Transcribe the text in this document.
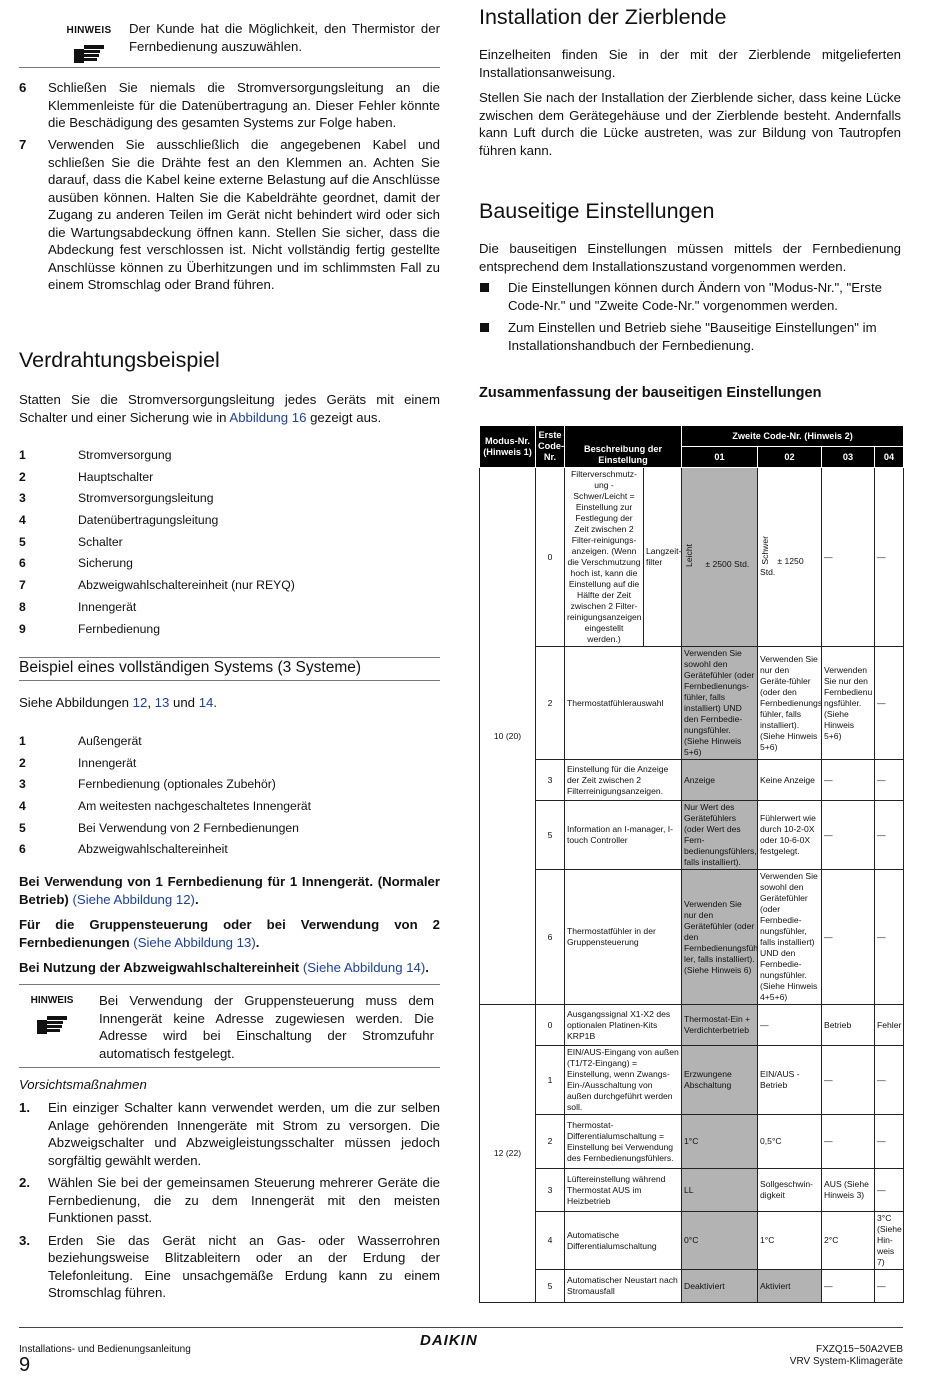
HINWEIS	Der Kunde hat die Möglichkeit, den Thermistor der Fernbedienung auszuwählen.
6 Schließen Sie niemals die Stromversorgungsleitung an die Klemmenleiste für die Datenübertragung an. Dieser Fehler könnte die Beschädigung des gesamten Systems zur Folge haben.
7 Verwenden Sie ausschließlich die angegebenen Kabel und schließen Sie die Drähte fest an den Klemmen an. Achten Sie darauf, dass die Kabel keine externe Belastung auf die Anschlüsse ausüben können. Halten Sie die Kabeldrähte geordnet, damit der Zugang zu anderen Teilen im Gerät nicht behindert wird oder sich die Wartungsabdeckung öffnen kann. Stellen Sie sicher, dass die Abdeckung fest verschlossen ist. Nicht vollständig fertig gestellte Anschlüsse können zu Überhitzungen und im schlimmsten Fall zu einem Stromschlag oder Brand führen.
Verdrahtungsbeispiel

Statten Sie die Stromversorgungsleitung jedes Geräts mit einem Schalter und einer Sicherung wie in Abbildung 16 gezeigt aus.

1	Stromversorgung
2	Hauptschalter
3	Stromversorgungsleitung
4	Datenübertragungsleitung
5	Schalter
6	Sicherung
7	Abzweigwahlschaltereinheit (nur REYQ)
8	Innengerät
9	Fernbedienung
Beispiel eines vollständigen Systems (3 Systeme)

Siehe Abbildungen 12, 13 und 14.

1	Außengerät
2	Innengerät
3	Fernbedienung (optionales Zubehör)
4	Am weitesten nachgeschaltetes Innengerät
5	Bei Verwendung von 2 Fernbedienungen
6	Abzweigwahlschaltereinheit

Bei Verwendung von 1 Fernbedienung für 1 Innengerät. (Normaler Betrieb) (Siehe Abbildung 12).

Für die Gruppensteuerung oder bei Verwendung von 2 Fernbedienungen (Siehe Abbildung 13).

Bei Nutzung der Abzweigwahlschaltereinheit (Siehe Abbildung 14).

HINWEIS	Bei Verwendung der Gruppensteuerung muss dem Innengerät keine Adresse zugewiesen werden. Die Adresse wird bei Einschaltung der Stromzufuhr automatisch festgelegt.
Vorsichtsmaßnahmen
1. Ein einziger Schalter kann verwendet werden, um die zur selben Anlage gehörenden Innengeräte mit Strom zu versorgen. Die Abzweigschalter und Abzweigleistungsschalter müssen jedoch sorgfältig gewählt werden.
2. Wählen Sie bei der gemeinsamen Steuerung mehrerer Geräte die Fernbedienung, die zu dem Innengerät mit den meisten Funktionen passt.
3. Erden Sie das Gerät nicht an Gas- oder Wasserrohren beziehungsweise Blitzableitern oder an der Erdung der Telefonleitung. Eine unsachgemäße Erdung kann zu einem Stromschlag führen.
Installation der Zierblende

Einzelheiten finden Sie in der mit der Zierblende mitgelieferten Installationsanweisung.

Stellen Sie nach der Installation der Zierblende sicher, dass keine Lücke zwischen dem Gerätegehäuse und der Zierblende besteht. Andernfalls kann Luft durch die Lücke austreten, was zur Bildung von Tautropfen führen kann.

Bauseitige Einstellungen

Die bauseitigen Einstellungen müssen mittels der Fernbedienung entsprechend dem Installationszustand vorgenommen werden.

Die Einstellungen können durch Ändern von "Modus-Nr.", "Erste Code-Nr." und "Zweite Code-Nr." vorgenommen werden.
Zum Einstellen und Betrieb siehe "Bauseitige Einstellungen" im Installationshandbuch der Fernbedienung.
Zusammenfassung der bauseitigen Einstellungen
Modus-Nr. (Hinweis 1)	Erste Code-Nr.	Beschreibung der Einstellung		Zweite Code-Nr. (Hinweis 2)			
				01	02	03	04
10 (20)	0	Filterverschmutz-ung - Schwer/Leicht = Einstellung zur Festlegung der Zeit zwischen 2 Filter-reinigungs-anzeigen. (Wenn die Verschmutzung hoch ist, kann die Einstellung auf die Hälfte der Zeit zwischen 2 Filter-reinigungsanzeigen eingestellt werden.)	Langzeit-filter	Leicht ± 2500 Std.	Schwer ± 1250 Std.	—	—
	2	Thermostatfühlerauswahl		Verwenden Sie sowohl den Gerätefühler (oder Fernbedienungs-fühler, falls installiert) UND den Fernbedie-nungsfühler. (Siehe Hinweis 5+6)	Verwenden Sie nur den Geräte-fühler (oder den Fernbedienungs fühler, falls installiert). (Siehe Hinweis 5+6)	Verwenden Sie nur den Fernbedienu ngsfühler. (Siehe Hinweis 5+6)	—
	3	Einstellung für die Anzeige der Zeit zwischen 2 Filterreinigungsanzeigen.		Anzeige	Keine Anzeige	—	—
	5	Information an I-manager, I-touch Controller		Nur Wert des Gerätefühlers (oder Wert des Fern-bedienungsfühlers, falls installiert).	Fühlerwert wie durch 10-2-0X oder 10-6-0X festgelegt.	—	—
	6	Thermostatfühler in der Gruppensteuerung		Verwenden Sie nur den Gerätefühler (oder den Fernbedienungsfüh ler, falls installiert). (Siehe Hinweis 6)	Verwenden Sie sowohl den Gerätefühler (oder Fernbedie-nungsfühler, falls installiert) UND den Fernbedie-nungsfühler. (Siehe Hinweis 4+5+6)	—	—
12 (22)	0	Ausgangssignal X1-X2 des optionalen Platinen-Kits KRP1B		Thermostat-Ein + Verdichterbetrieb	—	Betrieb	Fehler
	1	EIN/AUS-Eingang von außen (T1/T2-Eingang) = Einstellung, wenn Zwangs-Ein-/Ausschaltung von außen durchgeführt werden soll.		Erzwungene Abschaltung	EIN/AUS -Betrieb	—	—
	2	Thermostat-Differentialumschaltung = Einstellung bei Verwendung des Fernbedienungsfühlers.		1°C	0,5°C	—	—
	3	Lüftereinstellung während Thermostat AUS im Heizbetrieb		LL	Sollgeschwin-digkeit	AUS (Siehe Hinweis 3)	—
	4	Automatische Differentialumschaltung		0°C	1°C	2°C	3°C (Siehe Hin-weis 7)
	5	Automatischer Neustart nach Stromausfall		Deaktiviert	Aktiviert	—	—
Installations- und Bedienungsanleitung
9
DAIKIN
FXZQ15~50A2VEB
VRV System-Klimageräte
